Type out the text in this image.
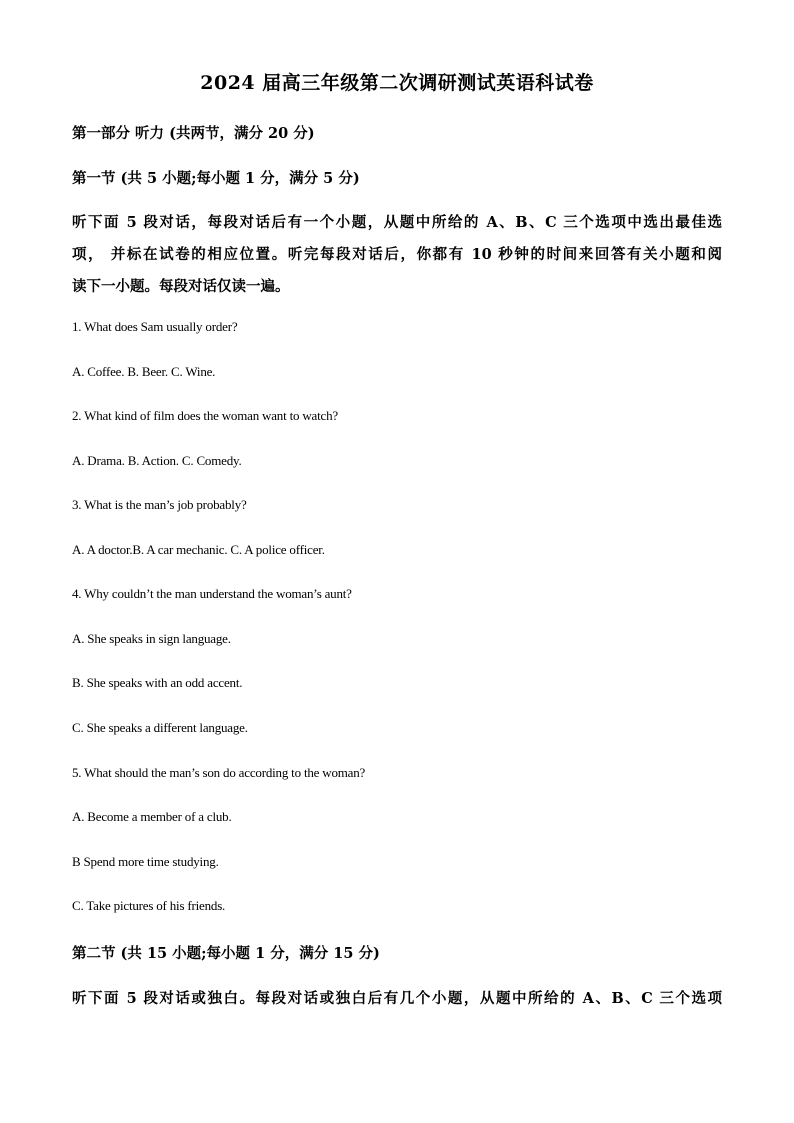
2024 届高三年级第二次调研测试英语科试卷
第一部分 听力 (共两节，满分 20 分)
第一节 (共 5 小题;每小题 1 分，满分 5 分)
听下面 5 段对话，每段对话后有一个小题，从题中所给的 A、B、C 三个选项中选出最佳选
项， 并标在试卷的相应位置。听完每段对话后，你都有 10 秒钟的时间来回答有关小题和阅
读下一小题。每段对话仅读一遍。
1. What does Sam usually order?
A. Coffee. B. Beer. C. Wine.
2. What kind of film does the woman want to watch?
A. Drama. B. Action. C. Comedy.
3. What is the man’s job probably?
A. A doctor.B. A car mechanic. C. A police officer.
4. Why couldn’t the man understand the woman’s aunt?
A. She speaks in sign language.
B. She speaks with an odd accent.
C. She speaks a different language.
5. What should the man’s son do according to the woman?
A. Become a member of a club.
B Spend more time studying.
C. Take pictures of his friends.
第二节 (共 15 小题;每小题 1 分，满分 15 分)
听下面 5 段对话或独白。每段对话或独白后有几个小题，从题中所给的 A、B、C 三个选项
